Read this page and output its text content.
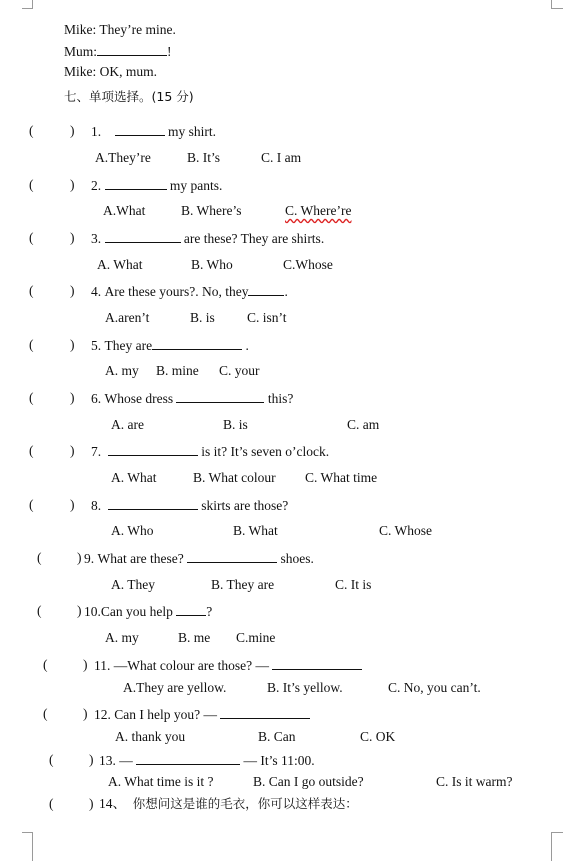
Mike: They’re mine.
Mum:	!
Mike: OK, mum.
七、单项选择。(15 分)
(	) 1.	my shirt.
A.They’re	B. It’s	C. I am
(	) 2.	my pants.
A.What	B. Where’s	C. Where’re
(	) 3.	are these? They are shirts.
A. What	B. Who	C.Whose
(	) 4. Are these yours?. No, they	.
A.aren’t	B. is C. isn’t
(	) 5. They are	.
A. my B. mine C. your
(	) 6. Whose dress	this?
A. are	B. is	C. am
(	) 7.	is it? It’s seven o’clock.
A. What	B. What colour C. What time
(	) 8.	skirts are those?
A. Who	B. What	C. Whose
(	) 9. What are these?	shoes.
A. They	B. They are	C. It is
(	) 10.Can you help ?
A. my	B. me C.mine
(	) 11. —What colour are those? —
A.They are yellow.	B. It’s yellow.	C. No, you can’t.
(	) 12. Can I help you? —
A. thank you	B. Can	C. OK
(	) 13. —	— It’s 11:00.
A. What time is it ?	B. Can I go outside?	C. Is it warm?
(	) 14、 你想问这是谁的毛衣，你可以这样表达：
